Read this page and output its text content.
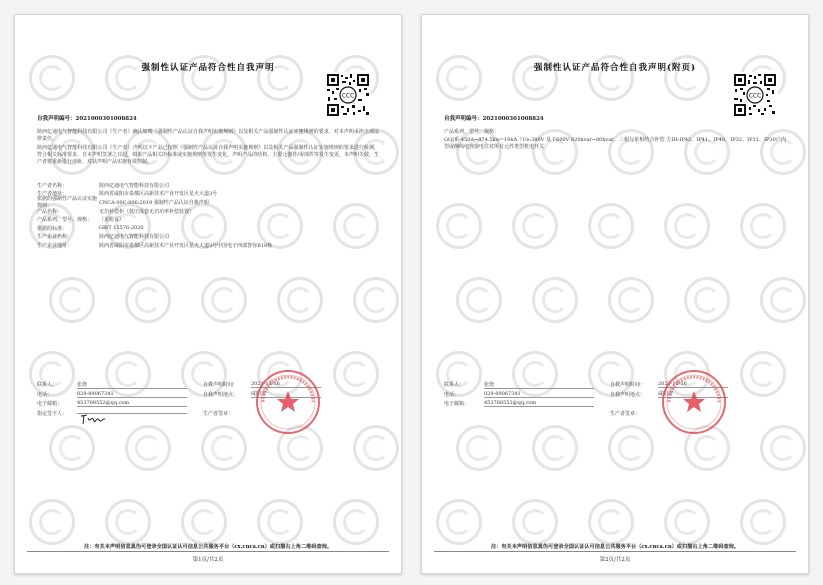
强制性认证产品符合性自我声明
CCC
自我声明编号：2021000301008824
陕西亿通电气智能科技有限公司（生产者）确认如唛《强制性产品认证自我声明实施规则》以及相关产品强制性认证实施规则的要求，对本声明承担全部法律责任。
陕西亿通电气智能科技有限公司（生产者）声明以下产品已按照《强制性产品认证自我声明实施规则》以及相关产品强制性认证实施规则的要求进行检测，符合相关标准要求，自本声明签署之日起，如果产品相关的标准或实施规则等发生变化，声明产品的结构、主要元器件/零部件等发生变更，本声明失效，生产者将重新进行评价。对获声明产品实施有效控制。
生产者名称：	陕西亿通电气智能科技有限公司
生产者地址：	陕西省咸阳市泰都区高新技术产业开发区星火大道3号
依据的强制性产品认证实施规则：
CNCA-00C-006:2019 强制性产品认证自我声明
产品名称：	无功补偿柜（低压成套无功功率补偿装置）
产品系列、型号、规格：	（见附页）
依据的标准：	GB/T 15576-2020
生产企业名称：	陕西亿通电气智能科技有限公司
生产企业地址：	陕西省咸阳市泰都区高新技术产业开发区星火大道3号中国电子西部智谷B18栋
联系人：	张烧
电话：	029-89067341
电子邮箱：	453768552@qq.com
指定签字人：
自我声明时间：	2021-12-16
自我声明地点：	咸阳市
生产者签章：
注：有关本声明信息真伪可登录全国认证认可信息公共服务平台（cx.cnca.cn）或扫描右上角二维码查询。
第1页/共2页
强制性认证产品符合性自我声明(附页)
CCC
自我声明编号：2021000301008824
产品系列、型号、规格：
GGJ系-450A~874.5kw=10kA（Ue:380V 及下600V 820kvar~80kvar，三相与单相结合补偿 方IH:IP42、IP41、IP40、IP32、IP31、IP30户内型或侧线电容器电位对所有元件类型机电开关
联系人：	张烧
电话：	029-89067341
电子邮箱：	453768552@qq.com
自我声明时间：	2021-12-16
自我声明地点：	咸阳市
生产者签章：
注：有关本声明信息真伪可登录全国认证认可信息公共服务平台（cx.cnca.cn）或扫描右上角二维码查询。
第2页/共2页
